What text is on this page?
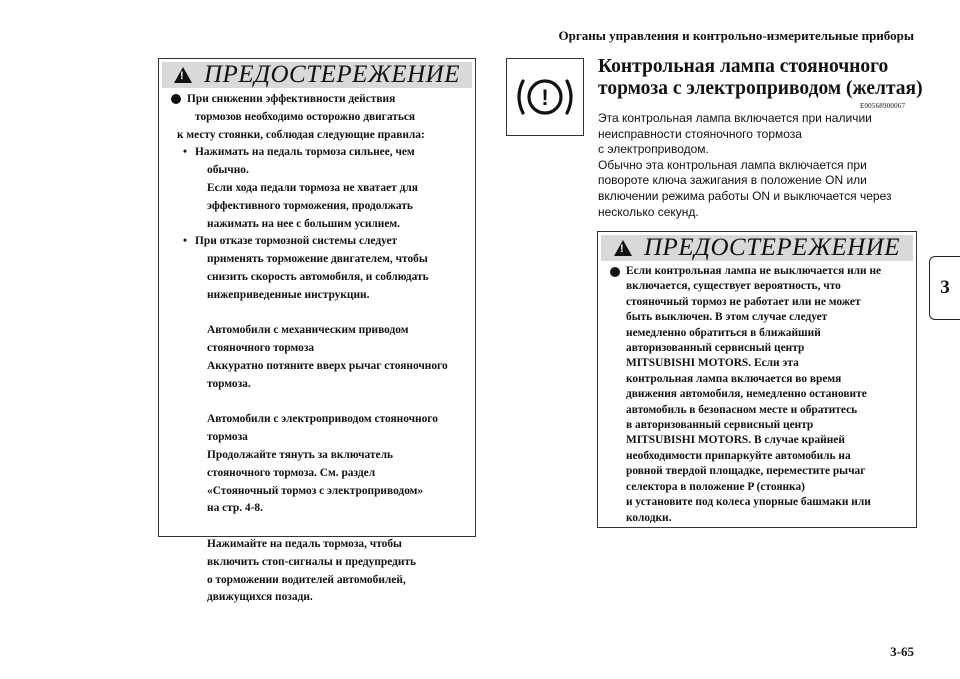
Органы управления и контрольно-измерительные приборы
3
!
ПРЕДОСТЕРЕЖЕНИЕ
При снижении эффективности действия
тормозов необходимо осторожно двигаться
к месту стоянки, соблюдая следующие правила:
• Нажимать на педаль тормоза сильнее, чем
обычно.
Если хода педали тормоза не хватает для
эффективного торможения, продолжать
нажимать на нее с большим усилием.
• При отказе тормозной системы следует
применять торможение двигателем, чтобы
снизить скорость автомобиля, и соблюдать
нижеприведенные инструкции.
Автомобили с механическим приводом
стояночного тормоза
Аккуратно потяните вверх рычаг стояночного
тормоза.
Автомобили с электроприводом стояночного
тормоза
Продолжайте тянуть за включатель
стояночного тормоза. См. раздел
«Стояночный тормоз с электроприводом»
на стр. 4-8.
Нажимайте на педаль тормоза, чтобы
включить стоп-сигналы и предупредить
о торможении водителей автомобилей,
движущихся позади.
!
Контрольная лампа стояночного
тормоза с электроприводом (желтая)
E00568900067
Эта контрольная лампа включается при наличии
неисправности стояночного тормоза
с электроприводом.
Обычно эта контрольная лампа включается при
повороте ключа зажигания в положение ON или
включении режима работы ON и выключается через
несколько секунд.
!
ПРЕДОСТЕРЕЖЕНИЕ
Если контрольная лампа не выключается или не
включается, существует вероятность, что
стояночный тормоз не работает или не может
быть выключен. В этом случае следует
немедленно обратиться в ближайший
авторизованный сервисный центр
MITSUBISHI MOTORS. Если эта
контрольная лампа включается во время
движения автомобиля, немедленно остановите
автомобиль в безопасном месте и обратитесь
в авторизованный сервисный центр
MITSUBISHI MOTORS. В случае крайней
необходимости припаркуйте автомобиль на
ровной твердой площадке, переместите рычаг
селектора в положение P (стоянка)
и установите под колеса упорные башмаки или
колодки.
3-65
